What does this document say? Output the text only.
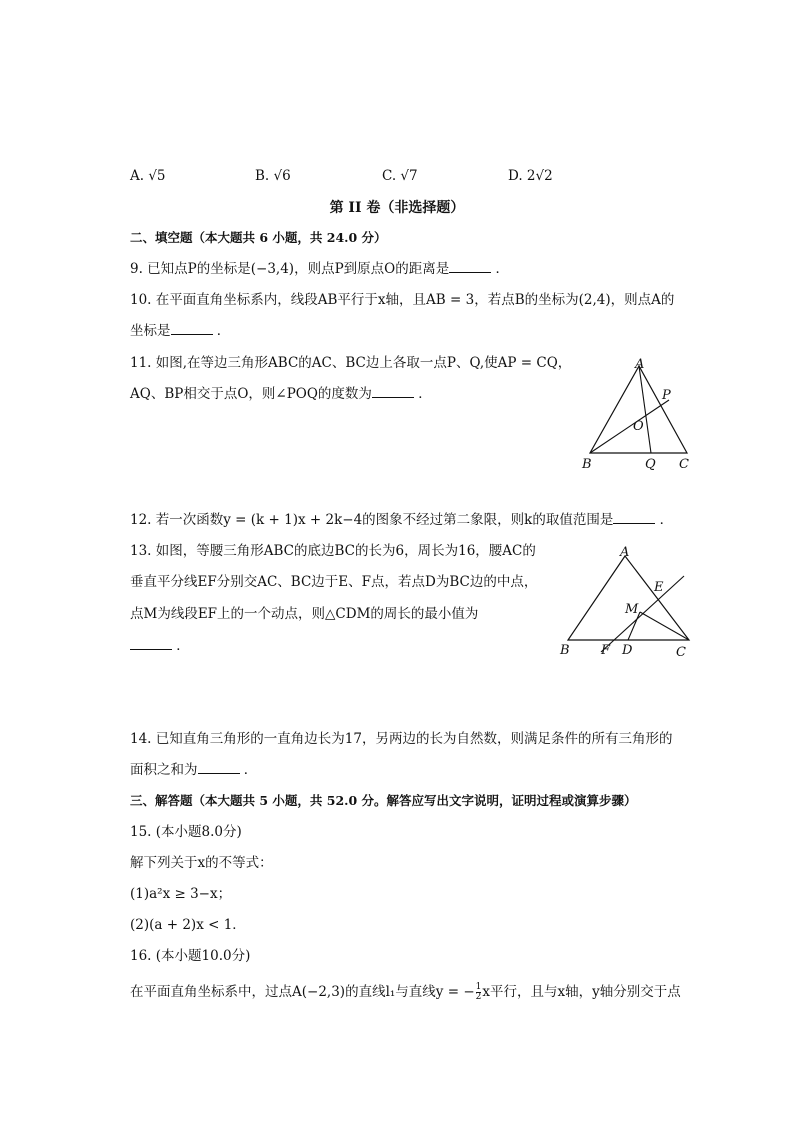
A. √5	B. √6	C. √7	D. 2√2
第 II 卷（非选择题）
二、填空题（本大题共 6 小题，共 24.0 分）
9. 已知点P的坐标是(−3,4)，则点P到原点O的距离是	．
10. 在平面直角坐标系内，线段AB平行于x轴，且AB = 3，若点B的坐标为(2,4)，则点A的
坐标是	．
11. 如图,在等边三角形ABC的AC、BC边上各取一点P、Q,使AP = CQ，
AQ、BP相交于点O，则∠POQ的度数为	．
A
B	C
P
Q
O
12. 若一次函数y = (k + 1)x + 2k−4的图象不经过第二象限，则k的取值范围是	．
13. 如图，等腰三角形ABC的底边BC的长为6，周长为16，腰AC的
垂直平分线EF分别交AC、BC边于E、F点，若点D为BC边的中点，
点M为线段EF上的一个动点，则△CDM的周长的最小值为
．
A
B	C
E
M
F D
14. 已知直角三角形的一直角边长为17，另两边的长为自然数，则满足条件的所有三角形的
面积之和为	．
三、解答题（本大题共 5 小题，共 52.0 分。解答应写出文字说明，证明过程或演算步骤）
15. (本小题8.0分)
解下列关于x的不等式：
(1)a²x ≥ 3−x；
(2)(a + 2)x < 1．
16. (本小题10.0分)
在平面直角坐标系中，过点A(−2,3)的直线l₁与直线y = − $\frac{1}{2}$ x平行，且与x轴，y轴分别交于点
